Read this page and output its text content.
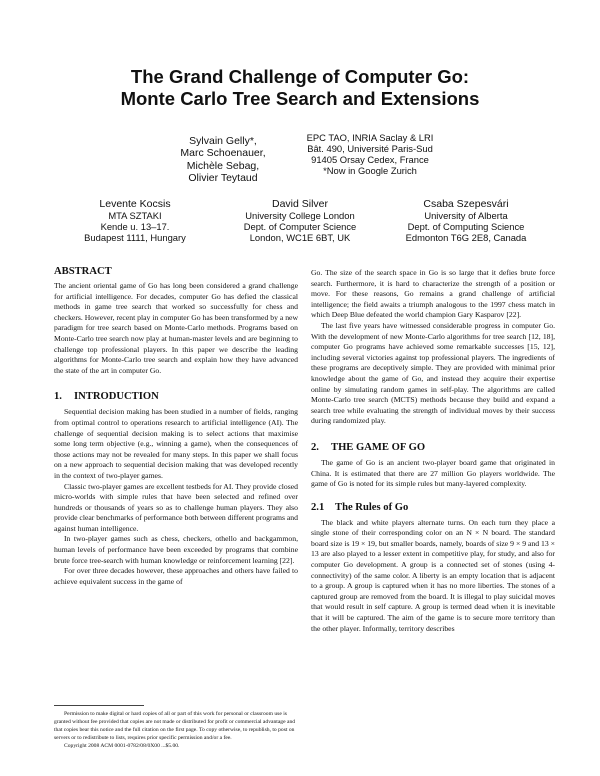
The Grand Challenge of Computer Go:
Monte Carlo Tree Search and Extensions
Sylvain Gelly*,
Marc Schoenauer,
Michèle Sebag,
Olivier Teytaud
EPC TAO, INRIA Saclay & LRI
Bât. 490, Université Paris-Sud
91405 Orsay Cedex, France
*Now in Google Zurich
Levente Kocsis
MTA SZTAKI
Kende u. 13–17.
Budapest 1111, Hungary
David Silver
University College London
Dept. of Computer Science
London, WC1E 6BT, UK
Csaba Szepesvári
University of Alberta
Dept. of Computing Science
Edmonton T6G 2E8, Canada
ABSTRACT

The ancient oriental game of Go has long been considered a grand challenge for artificial intelligence. For decades, computer Go has defied the classical methods in game tree search that worked so successfully for chess and checkers. However, recent play in computer Go has been transformed by a new paradigm for tree search based on Monte-Carlo methods. Programs based on Monte-Carlo tree search now play at human-master levels and are beginning to challenge top professional players. In this paper we describe the leading algorithms for Monte-Carlo tree search and explain how they have advanced the state of the art in computer Go.

1. INTRODUCTION

Sequential decision making has been studied in a number of fields, ranging from optimal control to operations research to artificial intelligence (AI). The challenge of sequential decision making is to select actions that maximise some long term objective (e.g., winning a game), when the consequences of those actions may not be revealed for many steps. In this paper we shall focus on a new approach to sequential decision making that was developed recently in the context of two-player games.

Classic two-player games are excellent testbeds for AI. They provide closed micro-worlds with simple rules that have been selected and refined over hundreds or thousands of years so as to challenge human players. They also provide clear benchmarks of performance both between different programs and against human intelligence.

In two-player games such as chess, checkers, othello and backgammon, human levels of performance have been exceeded by programs that combine brute force tree-search with human knowledge or reinforcement learning [22].

For over three decades however, these approaches and others have failed to achieve equivalent success in the game of

Permission to make digital or hard copies of all or part of this work for personal or classroom use is granted without fee provided that copies are not made or distributed for profit or commercial advantage and that copies bear this notice and the full citation on the first page. To copy otherwise, to republish, to post on servers or to redistribute to lists, requires prior specific permission and/or a fee.

Copyright 2008 ACM 0001-0782/08/0X00 ...$5.00.

Go. The size of the search space in Go is so large that it defies brute force search. Furthermore, it is hard to characterize the strength of a position or move. For these reasons, Go remains a grand challenge of artificial intelligence; the field awaits a triumph analogous to the 1997 chess match in which Deep Blue defeated the world champion Gary Kasparov [22].

The last five years have witnessed considerable progress in computer Go. With the development of new Monte-Carlo algorithms for tree search [12, 18], computer Go programs have achieved some remarkable successes [15, 12], including several victories against top professional players. The ingredients of these programs are deceptively simple. They are provided with minimal prior knowledge about the game of Go, and instead they acquire their expertise online by simulating random games in self-play. The algorithms are called Monte-Carlo tree search (MCTS) methods because they build and expand a search tree while evaluating the strength of individual moves by their success during randomized play.

2. THE GAME OF GO

The game of Go is an ancient two-player board game that originated in China. It is estimated that there are 27 million Go players worldwide. The game of Go is noted for its simple rules but many-layered complexity.

2.1 The Rules of Go

The black and white players alternate turns. On each turn they place a single stone of their corresponding color on an N × N board. The standard board size is 19 × 19, but smaller boards, namely, boards of size 9 × 9 and 13 × 13 are also played to a lesser extent in competitive play, for study, and also for computer Go development. A group is a connected set of stones (using 4-connectivity) of the same color. A liberty is an empty location that is adjacent to a group. A group is captured when it has no more liberties. The stones of a captured group are removed from the board. It is illegal to play suicidal moves that would result in self capture. A group is termed dead when it is inevitable that it will be captured. The aim of the game is to secure more territory than the other player. Informally, territory describes
